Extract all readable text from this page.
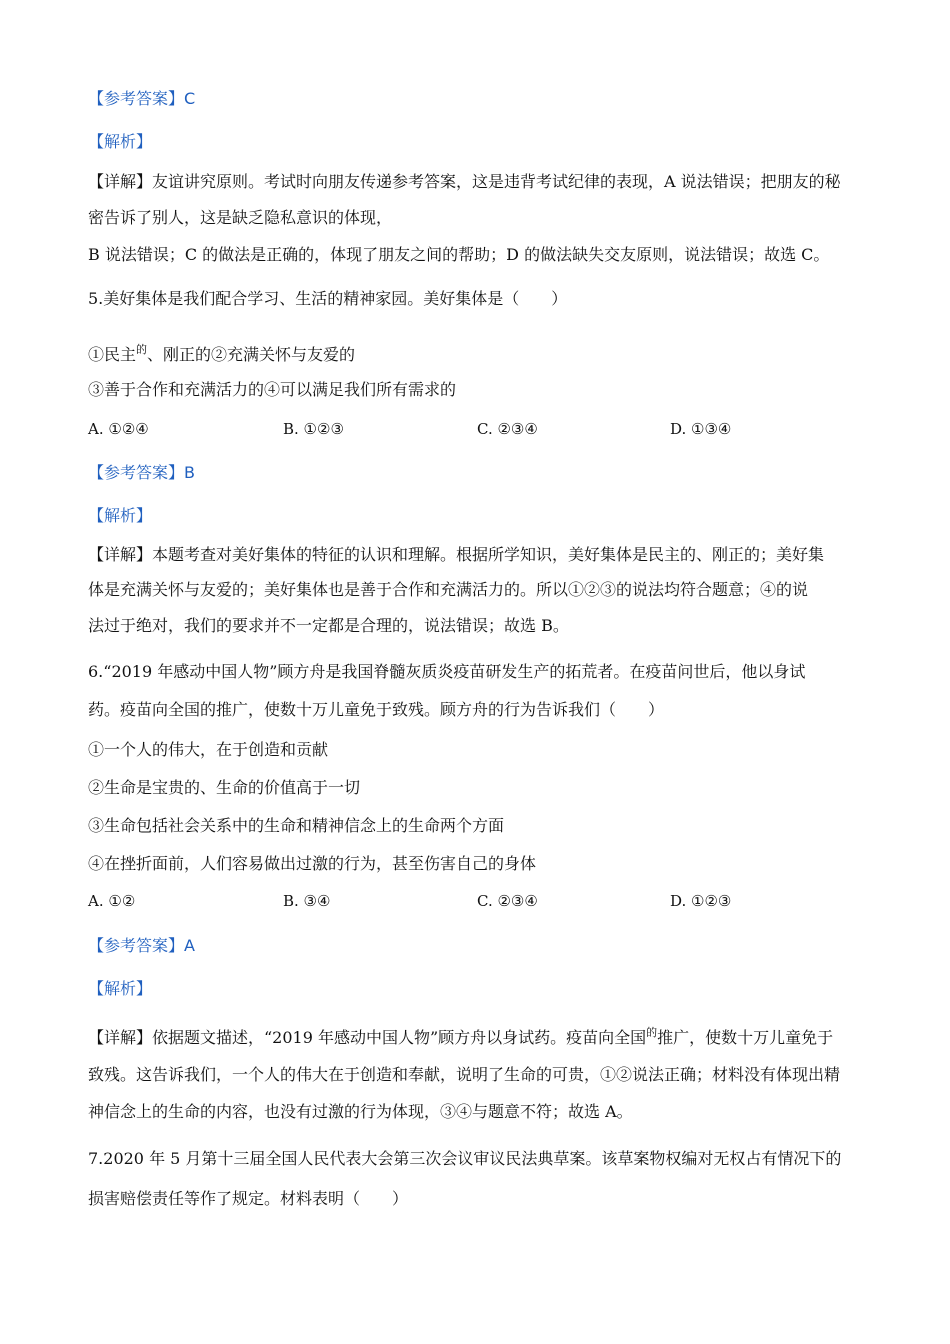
【参考答案】C
【解析】
【详解】友谊讲究原则。考试时向朋友传递参考答案，这是违背考试纪律的表现，A 说法错误；把朋友的秘
密告诉了别人，这是缺乏隐私意识的体现，
B 说法错误；C 的做法是正确的，体现了朋友之间的帮助；D 的做法缺失交友原则，说法错误；故选 C。
5.美好集体是我们配合学习、生活的精神家园。美好集体是（　　）
①民主$^的$、刚正的②充满关怀与友爱的
③善于合作和充满活力的④可以满足我们所有需求的
A. ①②④	B. ①②③	C. ②③④	D. ①③④
【参考答案】B
【解析】
【详解】本题考查对美好集体的特征的认识和理解。根据所学知识，美好集体是民主的、刚正的；美好集
体是充满关怀与友爱的；美好集体也是善于合作和充满活力的。所以①②③的说法均符合题意；④的说
法过于绝对，我们的要求并不一定都是合理的，说法错误；故选 B。
6.“2019 年感动中国人物”顾方舟是我国脊髓灰质炎疫苗研发生产的拓荒者。在疫苗问世后，他以身试
药。疫苗向全国的推广，使数十万儿童免于致残。顾方舟的行为告诉我们（　　）
①一个人的伟大，在于创造和贡献
②生命是宝贵的、生命的价值高于一切
③生命包括社会关系中的生命和精神信念上的生命两个方面
④在挫折面前，人们容易做出过激的行为，甚至伤害自己的身体
A. ①②	B. ③④	C. ②③④	D. ①②③
【参考答案】A
【解析】
【详解】依据题文描述，“2019 年感动中国人物”顾方舟以身试药。疫苗向全国$^的$推广，使数十万儿童免于
致残。这告诉我们，一个人的伟大在于创造和奉献，说明了生命的可贵，①②说法正确；材料没有体现出精
神信念上的生命的内容，也没有过激的行为体现，③④与题意不符；故选 A。
7.2020 年 5 月第十三届全国人民代表大会第三次会议审议民法典草案。该草案物权编对无权占有情况下的
损害赔偿责任等作了规定。材料表明（　　）
